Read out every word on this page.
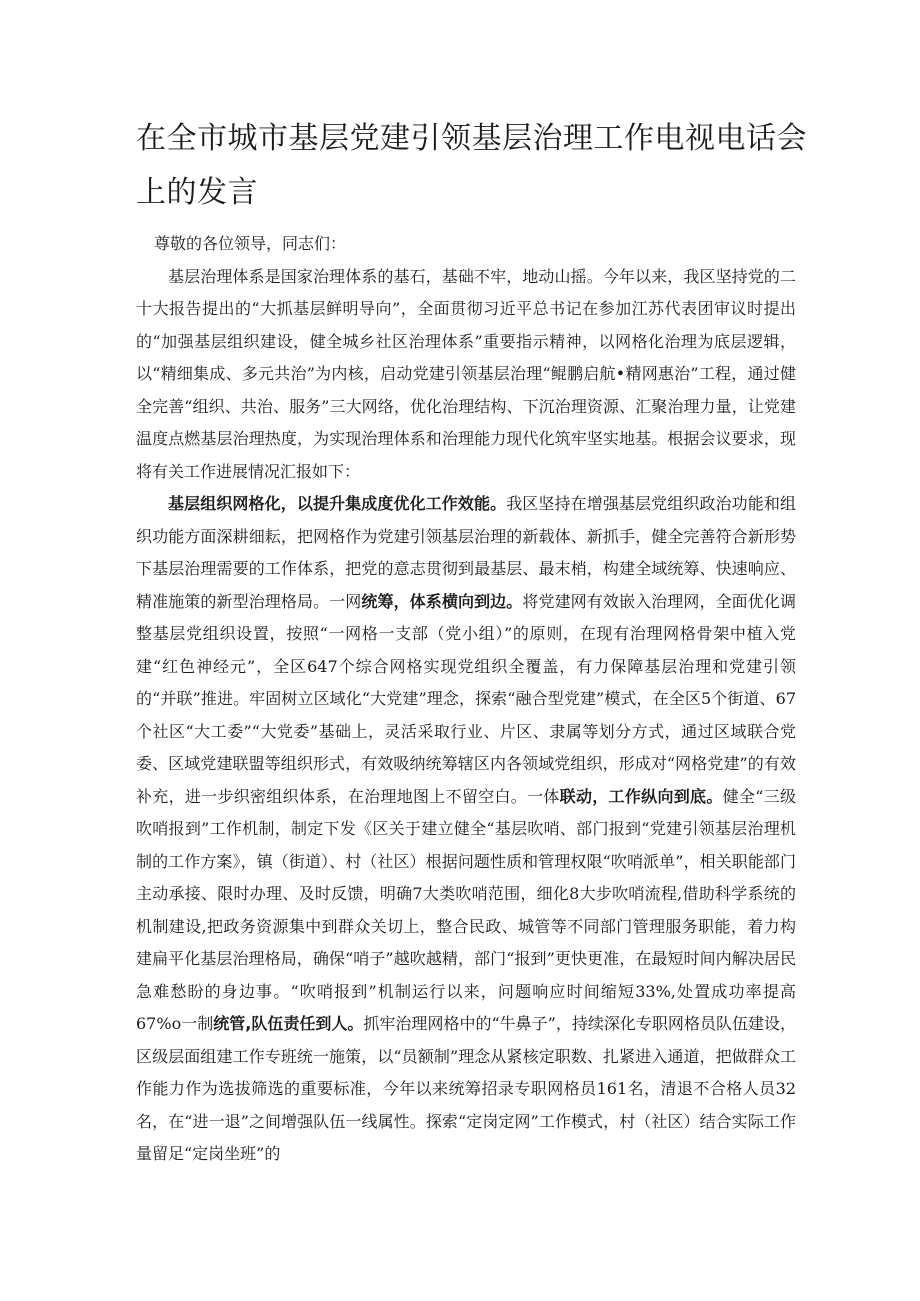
在全市城市基层党建引领基层治理工作电视电话会
上的发言

尊敬的各位领导，同志们：

基层治理体系是国家治理体系的基石，基础不牢，地动山摇。今年以来，我区坚持党的二十大报告提出的“大抓基层鲜明导向”，全面贯彻习近平总书记在参加江苏代表团审议时提出的“加强基层组织建设，健全城乡社区治理体系”重要指示精神，以网格化治理为底层逻辑，以“精细集成、多元共治”为内核，启动党建引领基层治理“鲲鹏启航•精网惠治”工程，通过健全完善“组织、共治、服务”三大网络，优化治理结构、下沉治理资源、汇聚治理力量，让党建温度点燃基层治理热度，为实现治理体系和治理能力现代化筑牢坚实地基。根据会议要求，现将有关工作进展情况汇报如下：

基层组织网格化，以提升集成度优化工作效能。我区坚持在增强基层党组织政治功能和组织功能方面深耕细耘，把网格作为党建引领基层治理的新载体、新抓手，健全完善符合新形势下基层治理需要的工作体系，把党的意志贯彻到最基层、最末梢，构建全域统筹、快速响应、精准施策的新型治理格局。一网统筹，体系横向到边。将党建网有效嵌入治理网，全面优化调整基层党组织设置，按照“一网格一支部（党小组）”的原则，在现有治理网格骨架中植入党建“红色神经元”，全区647个综合网格实现党组织全覆盖，有力保障基层治理和党建引领的“并联”推进。牢固树立区域化“大党建”理念，探索“融合型党建”模式，在全区5个街道、67个社区“大工委”“大党委”基础上，灵活采取行业、片区、隶属等划分方式，通过区域联合党委、区域党建联盟等组织形式，有效吸纳统筹辖区内各领域党组织，形成对“网格党建”的有效补充，进一步织密组织体系，在治理地图上不留空白。一体联动，工作纵向到底。健全“三级吹哨报到”工作机制，制定下发《区关于建立健全“基层吹哨、部门报到“党建引领基层治理机制的工作方案》，镇（街道）、村（社区）根据问题性质和管理权限“吹哨派单”，相关职能部门主动承接、限时办理、及时反馈，明确7大类吹哨范围，细化8大步吹哨流程,借助科学系统的机制建设,把政务资源集中到群众关切上，整合民政、城管等不同部门管理服务职能，着力构建扁平化基层治理格局，确保“哨子”越吹越精，部门“报到”更快更准，在最短时间内解决居民急难愁盼的身边事。“吹哨报到”机制运行以来，问题响应时间缩短33%,处置成功率提高67%o一制统管,队伍责任到人。抓牢治理网格中的“牛鼻子”，持续深化专职网格员队伍建设，区级层面组建工作专班统一施策，以“员额制”理念从紧核定职数、扎紧进入通道，把做群众工作能力作为选拔筛选的重要标准，今年以来统筹招录专职网格员161名，清退不合格人员32名，在“进一退”之间增强队伍一线属性。探索“定岗定网”工作模式，村（社区）结合实际工作量留足“定岗坐班”的
